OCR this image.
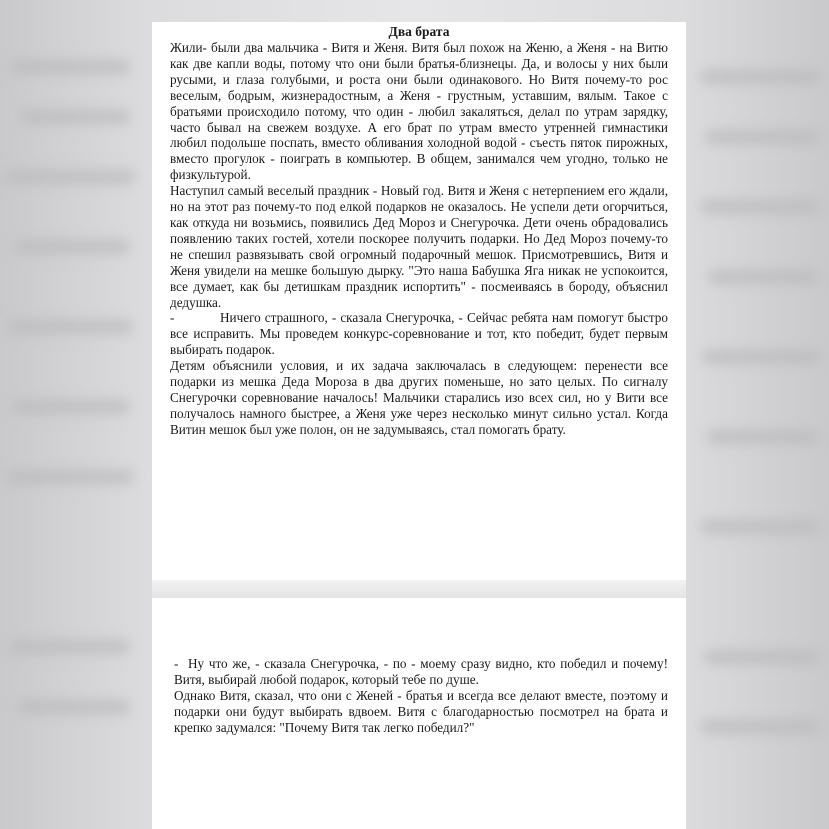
Два брата

Жили- были два мальчика - Витя и Женя. Витя был похож на Женю, а Женя - на Витю как две капли воды, потому что они были братья-близнецы. Да, и волосы у них были русыми, и глаза голубыми, и роста они были одинакового. Но Витя почему-то рос веселым, бодрым, жизнерадостным, а Женя - грустным, уставшим, вялым. Такое с братьями происходило потому, что один - любил закаляться, делал по утрам зарядку, часто бывал на свежем воздухе. А его брат по утрам вместо утренней гимнастики любил подольше поспать, вместо обливания холодной водой - съесть пяток пирожных, вместо прогулок - поиграть в компьютер. В общем, занимался чем угодно, только не физкультурой.

Наступил самый веселый праздник - Новый год. Витя и Женя с нетерпением его ждали, но на этот раз почему-то под елкой подарков не оказалось. Не успели дети огорчиться, как откуда ни возьмись, появились Дед Мороз и Снегурочка. Дети очень обрадовались появлению таких гостей, хотели поскорее получить подарки. Но Дед Мороз почему-то не спешил развязывать свой огромный подарочный мешок. Присмотревшись, Витя и Женя увидели на мешке большую дырку. "Это наша Бабушка Яга никак не успокоится, все думает, как бы детишкам праздник испортить" - посмеиваясь в бороду, объяснил дедушка.

-	Ничего страшного, - сказала Снегурочка, - Сейчас ребята нам помогут быстро все исправить. Мы проведем конкурс-соревнование и тот, кто победит, будет первым выбирать подарок.

Детям объяснили условия, и их задача заключалась в следующем: перенести все подарки из мешка Деда Мороза в два других поменьше, но зато целых. По сигналу Снегурочки соревнование началось! Мальчики старались изо всех сил, но у Вити все получалось намного быстрее, а Женя уже через несколько минут сильно устал. Когда Витин мешок был уже полон, он не задумываясь, стал помогать брату.

- Ну что же, - сказала Снегурочка, - по - моему сразу видно, кто победил и почему! Витя, выбирай любой подарок, который тебе по душе.

Однако Витя, сказал, что они с Женей - братья и всегда все делают вместе, поэтому и подарки они будут выбирать вдвоем. Витя с благодарностью посмотрел на брата и крепко задумался: "Почему Витя так легко победил?"
